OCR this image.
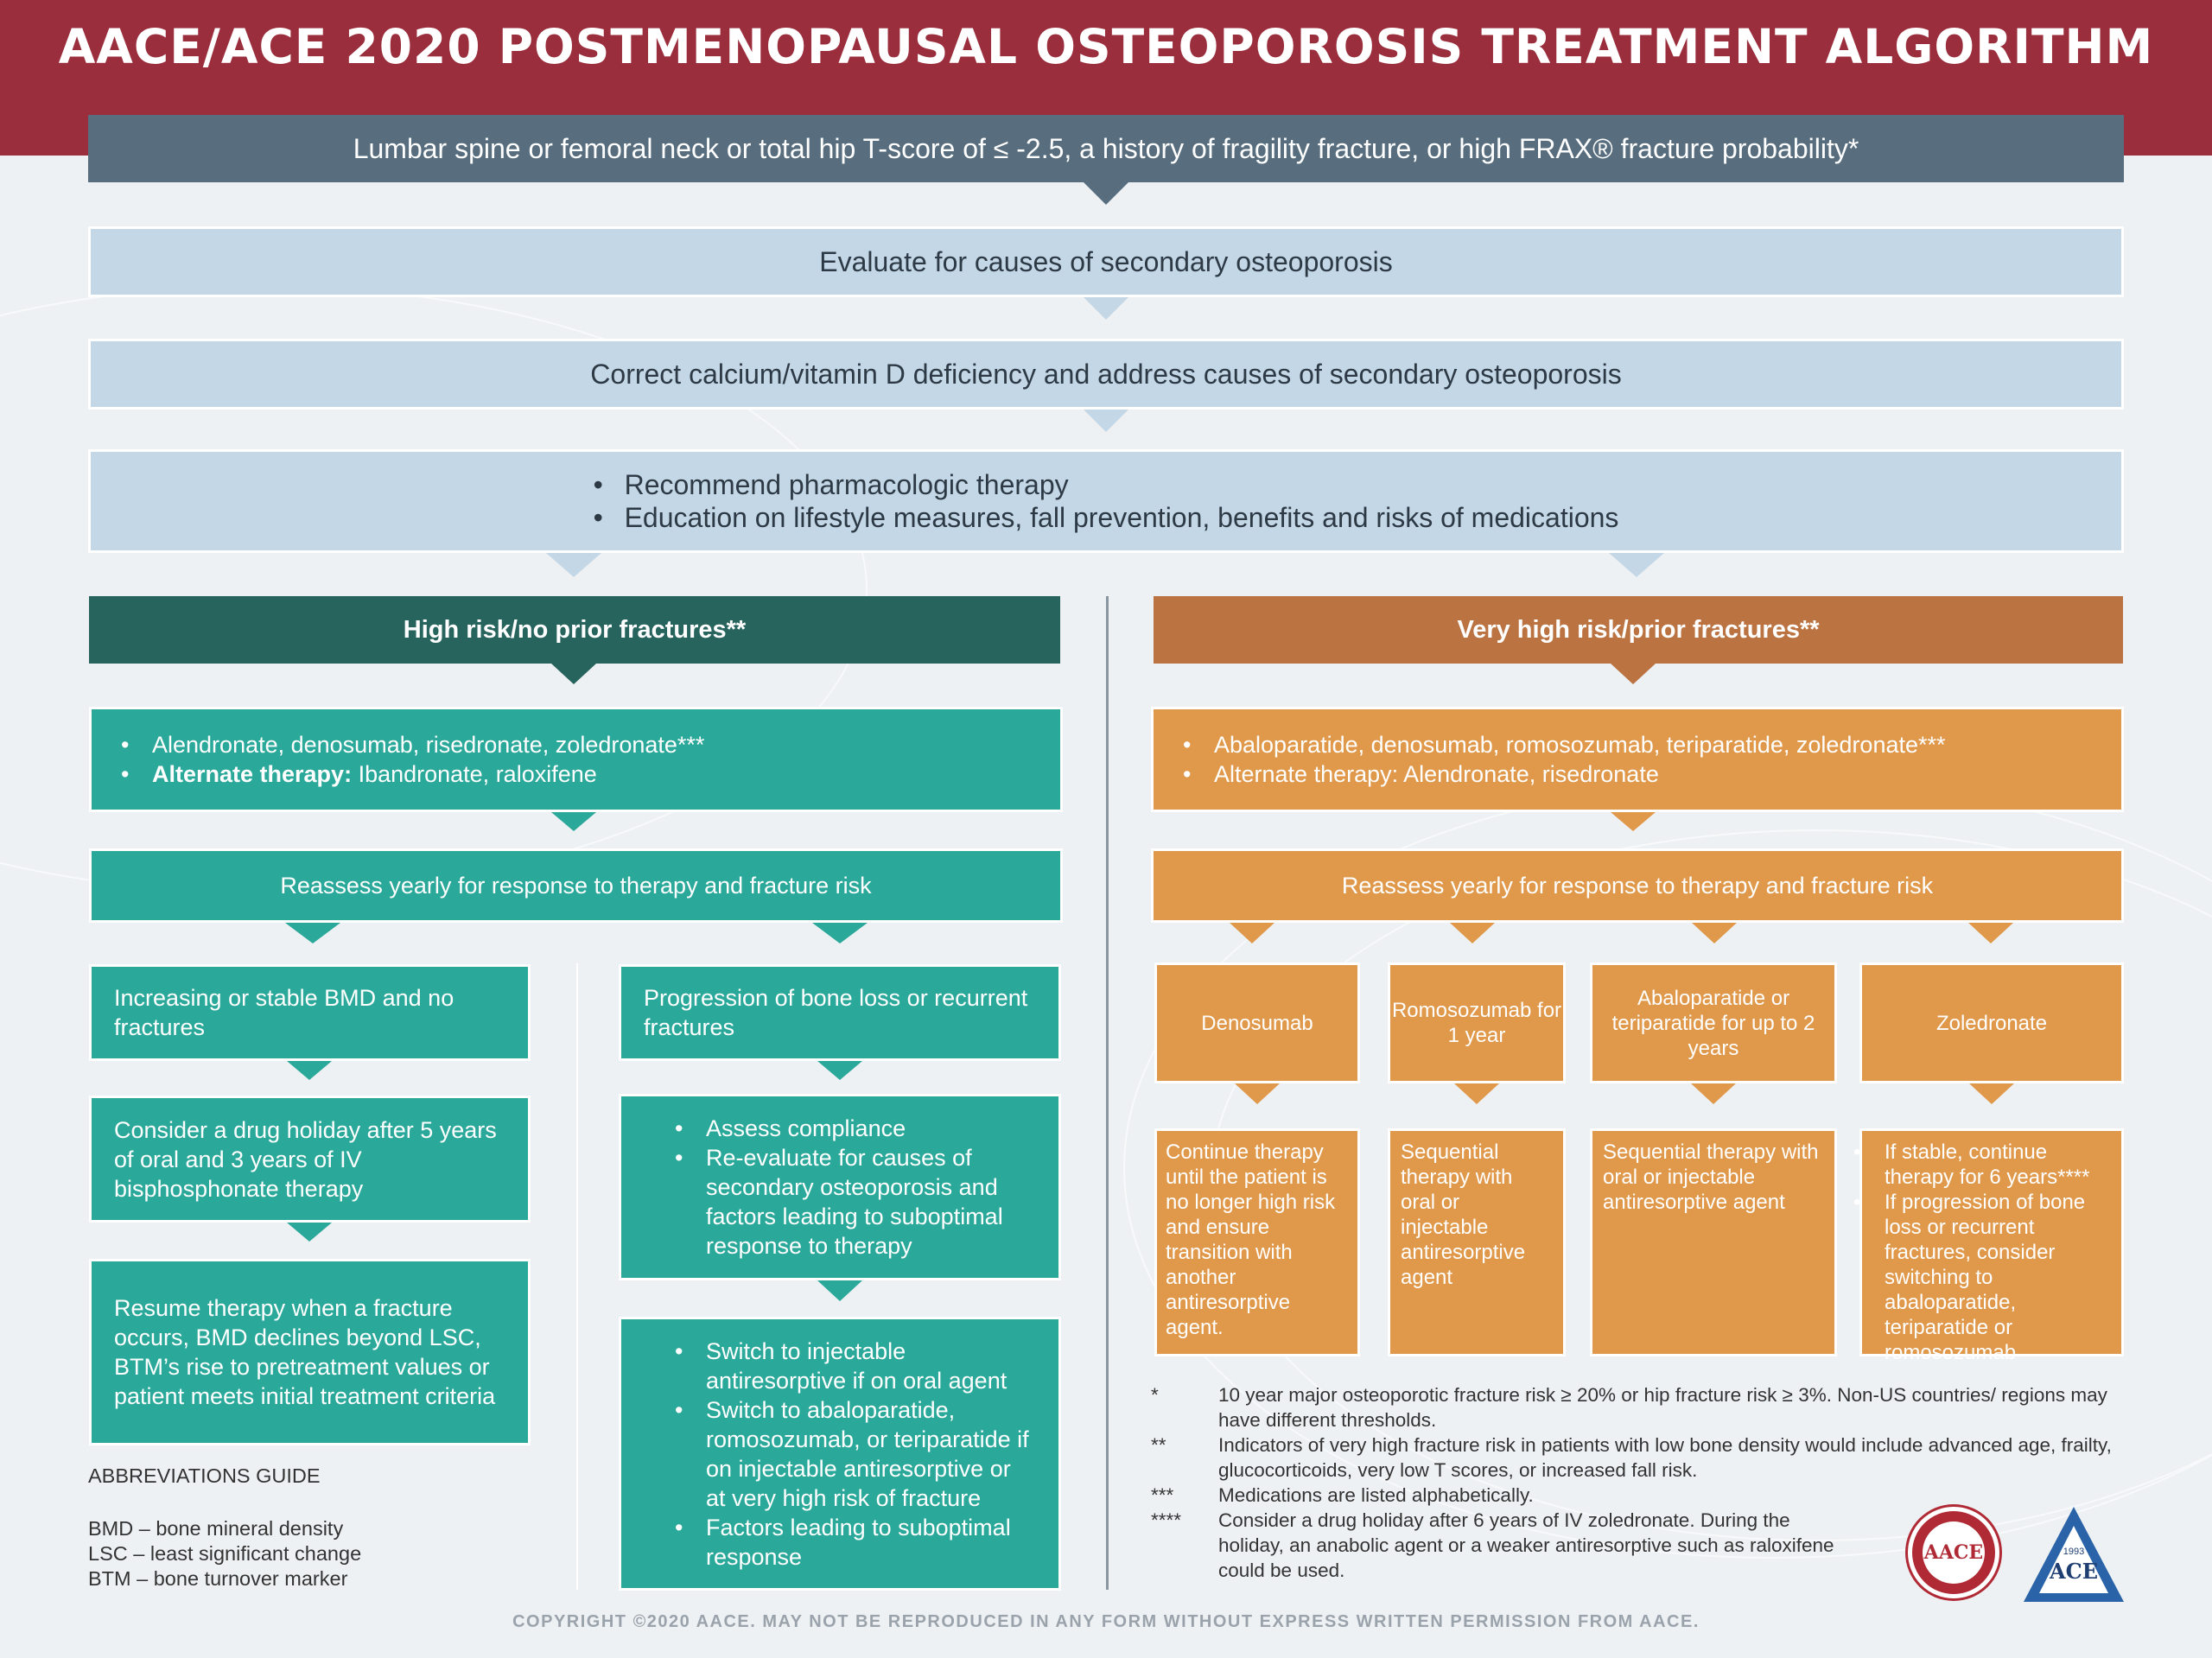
AACE/ACE 2020 POSTMENOPAUSAL OSTEOPOROSIS TREATMENT ALGORITHM
Lumbar spine or femoral neck or total hip T-score of ≤ -2.5, a history of fragility fracture, or high FRAX® fracture probability*
Evaluate for causes of secondary osteoporosis
Correct calcium/vitamin D deficiency and address causes of secondary osteoporosis
• Recommend pharmacologic therapy
• Education on lifestyle measures, fall prevention, benefits and risks of medications
High risk/no prior fractures**
• Alendronate, denosumab, risedronate, zoledronate***
• Alternate therapy: Ibandronate, raloxifene
Reassess yearly for response to therapy and fracture risk
Increasing or stable BMD and no fractures
Consider a drug holiday after 5 years of oral and 3 years of IV bisphosphonate therapy
Resume therapy when a fracture occurs, BMD declines beyond LSC, BTM’s rise to pretreatment values or patient meets initial treatment criteria
Progression of bone loss or recurrent fractures
• Assess compliance
• Re-evaluate for causes of secondary osteoporosis and factors leading to suboptimal response to therapy
• Switch to injectable antiresorptive if on oral agent
• Switch to abaloparatide, romosozumab, or teriparatide if on injectable antiresorptive or at very high risk of fracture
• Factors leading to suboptimal response
ABBREVIATIONS GUIDE
BMD – bone mineral density
LSC – least significant change
BTM – bone turnover marker
Very high risk/prior fractures**
• Abaloparatide, denosumab, romosozumab, teriparatide, zoledronate***
• Alternate therapy: Alendronate, risedronate
Reassess yearly for response to therapy and fracture risk
Denosumab
Romosozumab for 1 year
Abaloparatide or teriparatide for up to 2 years
Zoledronate
Continue therapy until the patient is no longer high risk and ensure transition with another antiresorptive agent.
Sequential therapy with oral or injectable antiresorptive agent
Sequential therapy with oral or injectable antiresorptive agent
• If stable, continue therapy for 6 years****
• If progression of bone loss or recurrent fractures, consider switching to abaloparatide, teriparatide or romosozumab
*	10 year major osteoporotic fracture risk ≥ 20% or hip fracture risk ≥ 3%. Non-US countries/ regions may have different thresholds.
**	Indicators of very high fracture risk in patients with low bone density would include advanced age, frailty, glucocorticoids, very low T scores, or increased fall risk.
***	Medications are listed alphabetically.
****	Consider a drug holiday after 6 years of IV zoledronate. During the holiday, an anabolic agent or a weaker antiresorptive such as raloxifene could be used.
AACE
ACE
1993
COPYRIGHT ©2020 AACE. MAY NOT BE REPRODUCED IN ANY FORM WITHOUT EXPRESS WRITTEN PERMISSION FROM AACE.
